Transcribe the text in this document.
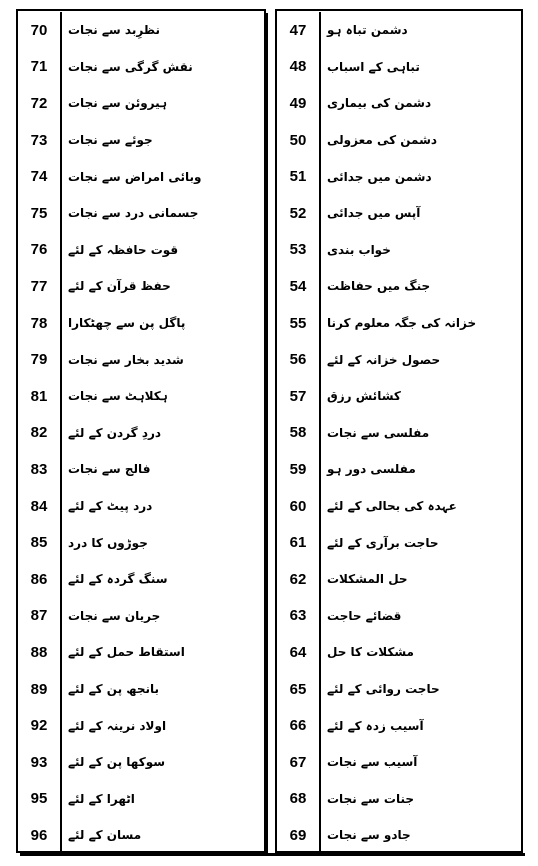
70	نظرِبد سے نجات
71	نقش گرگی سے نجات
72	ہیروئن سے نجات
73	جوئے سے نجات
74	وبائی امراض سے نجات
75	جسمانی درد سے نجات
76	قوت حافظہ کے لئے
77	حفظ قرآن کے لئے
78	پاگل پن سے چھٹکارا
79	شدید بخار سے نجات
81	ہکلاہٹ سے نجات
82	دردِ گردن کے لئے
83	فالج سے نجات
84	درد پیٹ کے لئے
85	جوڑوں کا درد
86	سنگ گردہ کے لئے
87	جریان سے نجات
88	استقاط حمل کے لئے
89	بانجھ پن کے لئے
92	اولاد نرینہ کے لئے
93	سوکھا پن کے لئے
95	اٹھرا کے لئے
96	مسان کے لئے
47	دشمن تباہ ہو
48	تباہی کے اسباب
49	دشمن کی بیماری
50	دشمن کی معزولی
51	دشمن میں جدائی
52	آپس میں جدائی
53	خواب بندی
54	جنگ میں حفاظت
55	خزانہ کی جگہ معلوم کرنا
56	حصول خزانہ کے لئے
57	کشائش رزق
58	مفلسی سے نجات
59	مفلسی دور ہو
60	عہدہ کی بحالی کے لئے
61	حاجت برآری کے لئے
62	حل المشکلات
63	قضائے حاجت
64	مشکلات کا حل
65	حاجت روائی کے لئے
66	آسیب زدہ کے لئے
67	آسیب سے نجات
68	جنات سے نجات
69	جادو سے نجات
